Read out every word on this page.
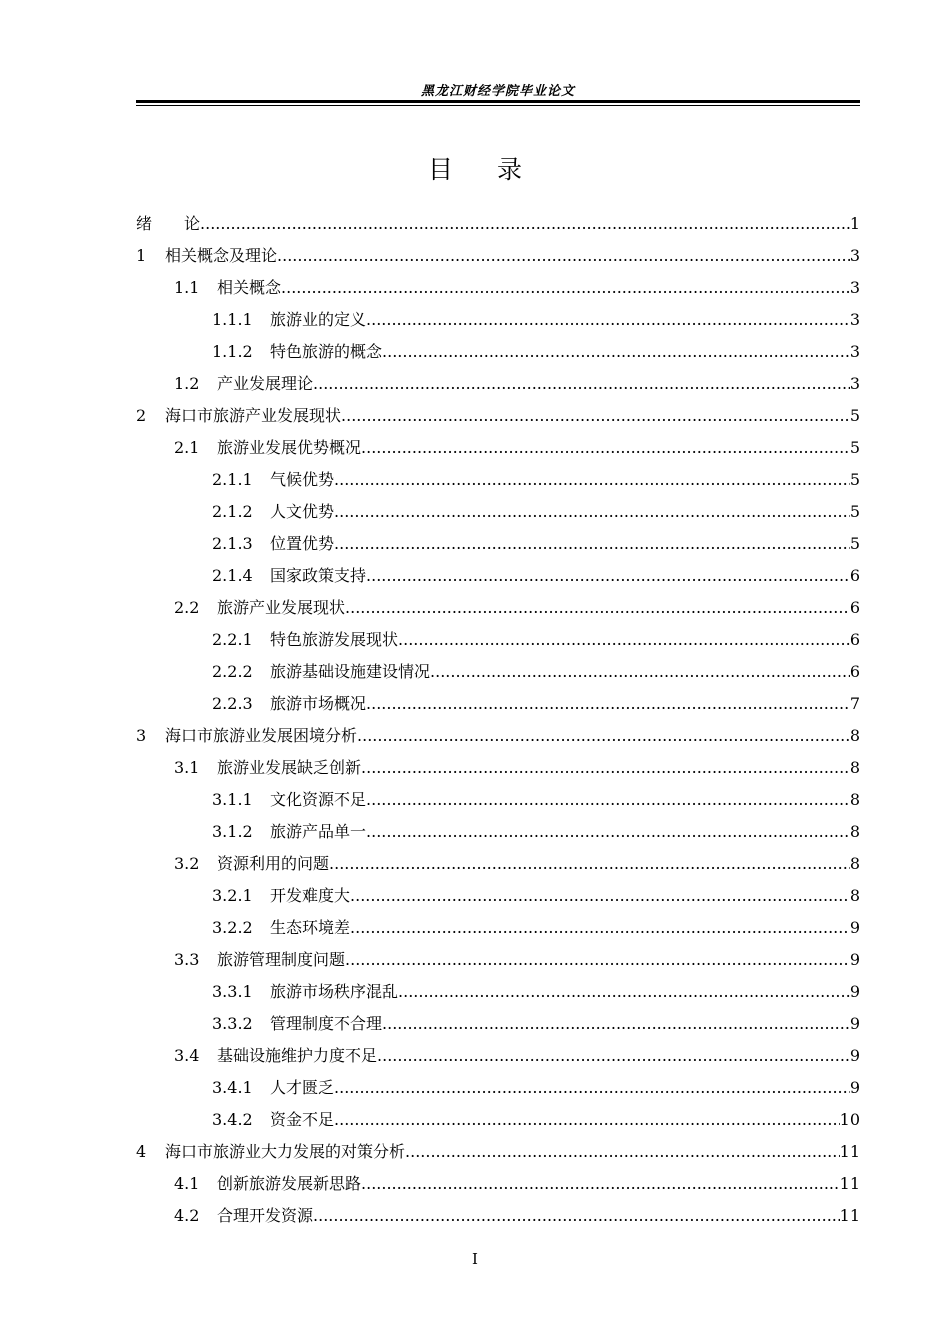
黑龙江财经学院毕业论文
目 录
绪　　论 .....	1
1	相关概念及理论 .....	3
1.1	相关概念 .....	3
1.1.1	旅游业的定义 .....	3
1.1.2	特色旅游的概念 .....	3
1.2	产业发展理论 .....	3
2	海口市旅游产业发展现状 .....	5
2.1	旅游业发展优势概况 .....	5
2.1.1	气候优势 .....	5
2.1.2	人文优势 .....	5
2.1.3	位置优势 .....	5
2.1.4	国家政策支持 .....	6
2.2	旅游产业发展现状 .....	6
2.2.1	特色旅游发展现状 .....	6
2.2.2	旅游基础设施建设情况 .....	6
2.2.3	旅游市场概况 .....	7
3	海口市旅游业发展困境分析 .....	8
3.1	旅游业发展缺乏创新 .....	8
3.1.1	文化资源不足 .....	8
3.1.2	旅游产品单一 .....	8
3.2	资源利用的问题 .....	8
3.2.1	开发难度大 .....	8
3.2.2	生态环境差 .....	9
3.3	旅游管理制度问题 .....	9
3.3.1	旅游市场秩序混乱 .....	9
3.3.2	管理制度不合理 .....	9
3.4	基础设施维护力度不足 .....	9
3.4.1	人才匮乏 .....	9
3.4.2	资金不足 .....	10
4	海口市旅游业大力发展的对策分析 .....	11
4.1	创新旅游发展新思路 .....	11
4.2	合理开发资源 .....	11
I
